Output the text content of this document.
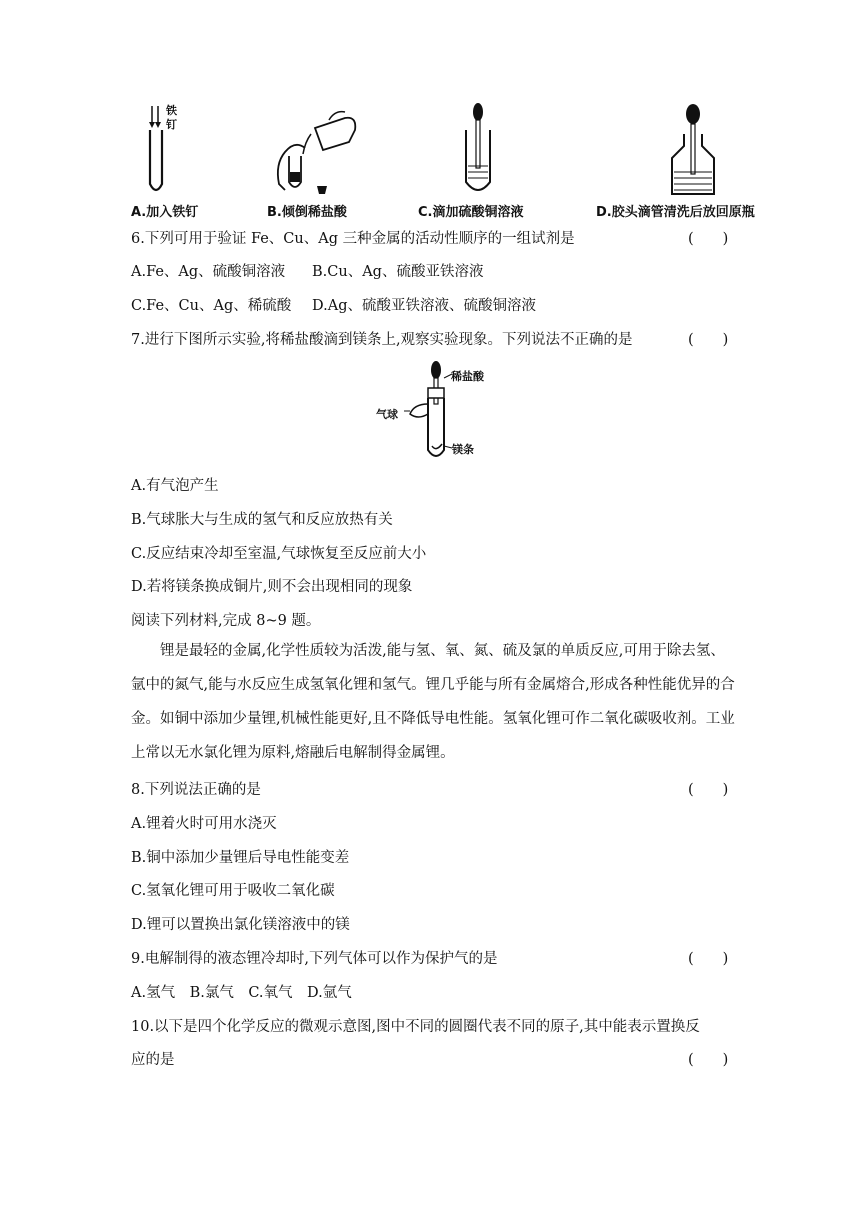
铁钉
A.加入铁钉	B.倾倒稀盐酸	C.滴加硫酸铜溶液	D.胶头滴管清洗后放回原瓶
6.下列可用于验证 Fe、Cu、Ag 三种金属的活动性顺序的一组试剂是	(　　)
A.Fe、Ag、硫酸铜溶液 B.Cu、Ag、硫酸亚铁溶液
C.Fe、Cu、Ag、稀硫酸 D.Ag、硫酸亚铁溶液、硫酸铜溶液
7.进行下图所示实验,将稀盐酸滴到镁条上,观察实验现象。下列说法不正确的是	(　　)
稀盐酸
气球
镁条
A.有气泡产生
B.气球胀大与生成的氢气和反应放热有关
C.反应结束冷却至室温,气球恢复至反应前大小
D.若将镁条换成铜片,则不会出现相同的现象
阅读下列材料,完成 8~9 题。
锂是最轻的金属,化学性质较为活泼,能与氢、氧、氮、硫及氯的单质反应,可用于除去氢、氩中的氮气,能与水反应生成氢氧化锂和氢气。锂几乎能与所有金属熔合,形成各种性能优异的合金。如铜中添加少量锂,机械性能更好,且不降低导电性能。氢氧化锂可作二氧化碳吸收剂。工业上常以无水氯化锂为原料,熔融后电解制得金属锂。
8.下列说法正确的是	(　　)
A.锂着火时可用水浇灭
B.铜中添加少量锂后导电性能变差
C.氢氧化锂可用于吸收二氧化碳
D.锂可以置换出氯化镁溶液中的镁
9.电解制得的液态锂冷却时,下列气体可以作为保护气的是	(　　)
A.氢气　B.氯气　C.氧气　D.氩气
10.以下是四个化学反应的微观示意图,图中不同的圆圈代表不同的原子,其中能表示置换反
应的是	(　　)
